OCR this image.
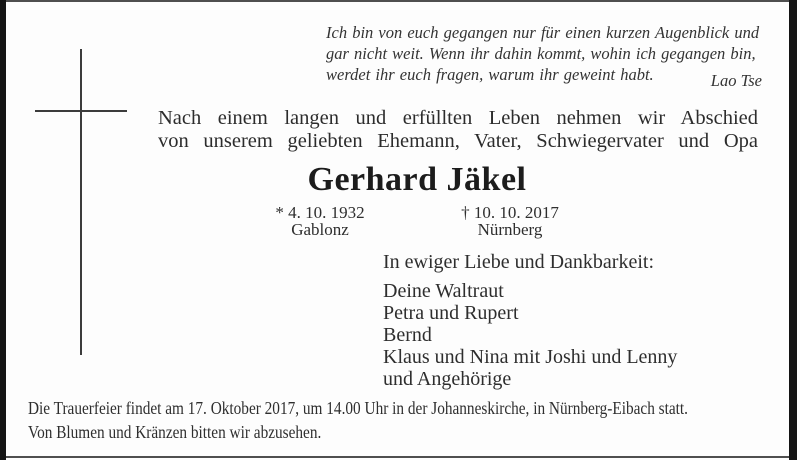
Ich bin von euch gegangen nur für einen kurzen Augenblick und
gar nicht weit. Wenn ihr dahin kommt, wohin ich gegangen bin,
werdet ihr euch fragen, warum ihr geweint habt.	Lao Tse
Nach einem langen und erfüllten Leben nehmen wir Abschied
von unserem geliebten Ehemann, Vater, Schwiegervater und Opa
Gerhard Jäkel
* 4. 10. 1932
Gablonz
† 10. 10. 2017
Nürnberg
In ewiger Liebe und Dankbarkeit:
Deine Waltraut
Petra und Rupert
Bernd
Klaus und Nina mit Joshi und Lenny
und Angehörige
Die Trauerfeier findet am 17. Oktober 2017, um 14.00 Uhr in der Johanneskirche, in Nürnberg-Eibach statt.
Von Blumen und Kränzen bitten wir abzusehen.
